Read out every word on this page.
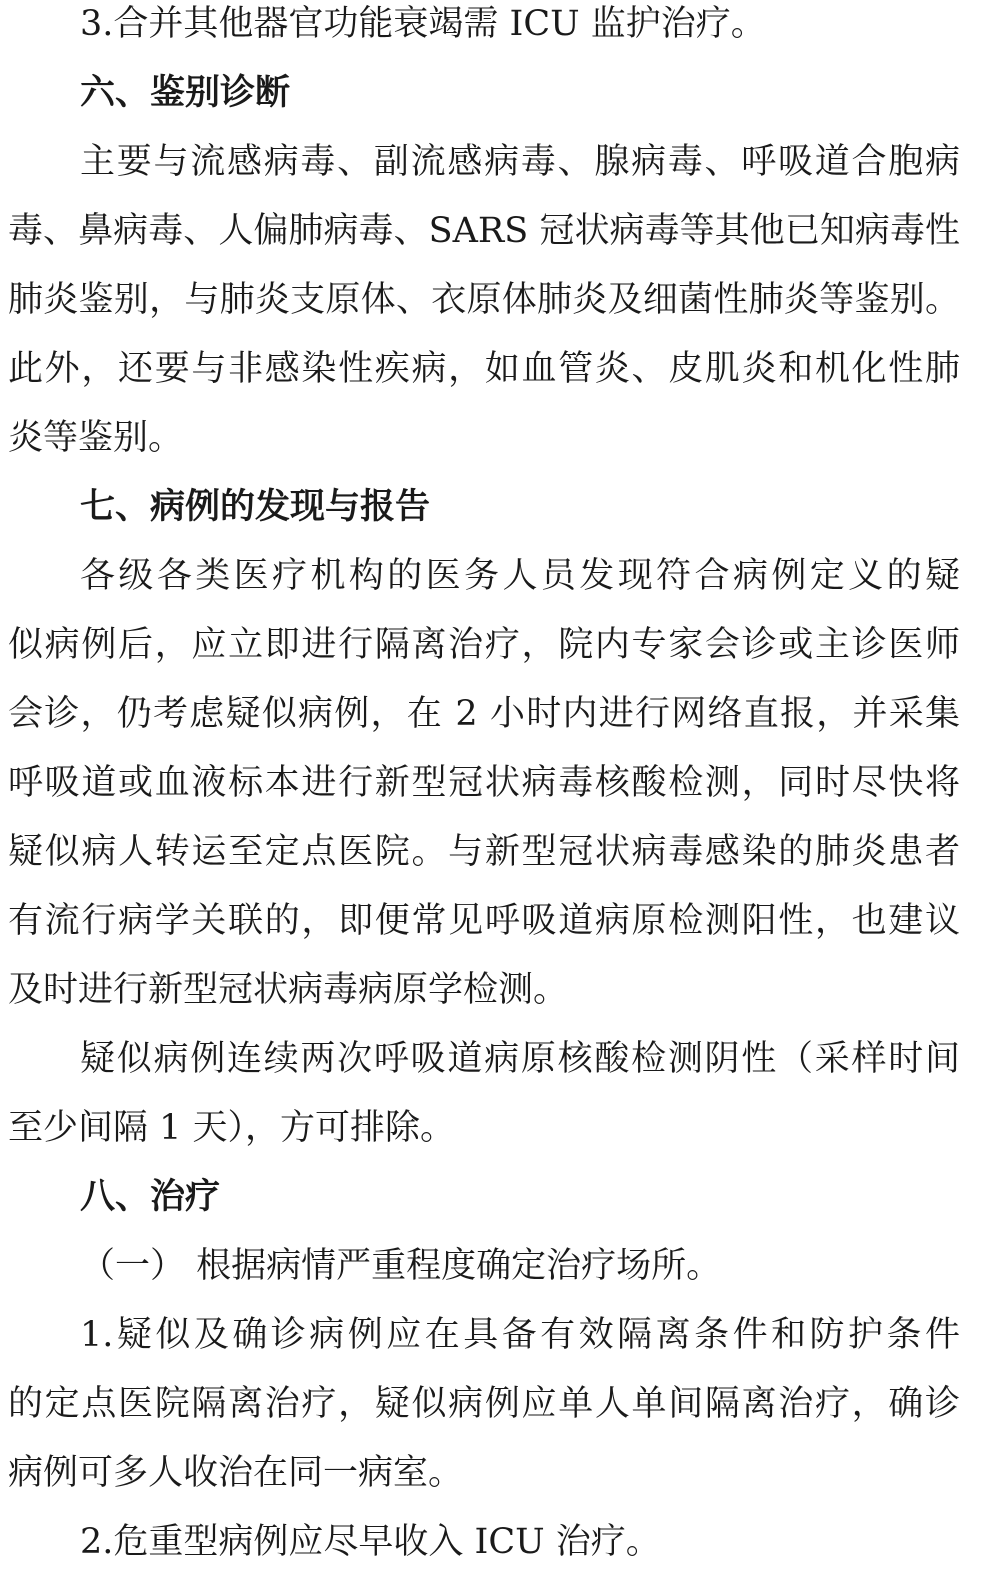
3.合并其他器官功能衰竭需 ICU 监护治疗。
六、鉴别诊断
主要与流感病毒、副流感病毒、腺病毒、呼吸道合胞病
毒、鼻病毒、人偏肺病毒、SARS 冠状病毒等其他已知病毒性
肺炎鉴别，与肺炎支原体、衣原体肺炎及细菌性肺炎等鉴别。
此外，还要与非感染性疾病，如血管炎、皮肌炎和机化性肺
炎等鉴别。
七、病例的发现与报告
各级各类医疗机构的医务人员发现符合病例定义的疑
似病例后，应立即进行隔离治疗，院内专家会诊或主诊医师
会诊，仍考虑疑似病例，在 2 小时内进行网络直报，并采集
呼吸道或血液标本进行新型冠状病毒核酸检测，同时尽快将
疑似病人转运至定点医院。与新型冠状病毒感染的肺炎患者
有流行病学关联的，即便常见呼吸道病原检测阳性，也建议
及时进行新型冠状病毒病原学检测。
疑似病例连续两次呼吸道病原核酸检测阴性（采样时间
至少间隔 1 天），方可排除。
八、治疗
（一） 根据病情严重程度确定治疗场所。
1.疑似及确诊病例应在具备有效隔离条件和防护条件
的定点医院隔离治疗，疑似病例应单人单间隔离治疗，确诊
病例可多人收治在同一病室。
2.危重型病例应尽早收入 ICU 治疗。
